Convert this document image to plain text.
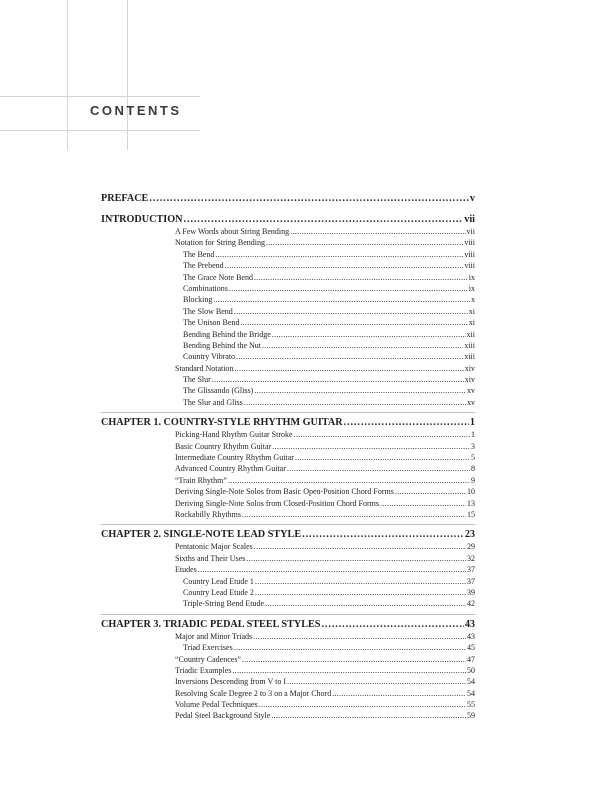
CONTENTS
PREFACE .....	v
INTRODUCTION .....	vii
A Few Words about String Bending .....	vii
Notation for String Bending .....	viii
The Bend .....	viii
The Prebend .....	viii
The Grace Note Bend .....	ix
Combinations .....	ix
Blocking .....	x
The Slow Bend .....	xi
The Unison Bend .....	xi
Bending Behind the Bridge .....	xii
Bending Behind the Nut .....	xiii
Country Vibrato .....	xiii
Standard Notation .....	xiv
The Slur .....	xiv
The Glissando (Gliss) .....	xv
The Slur and Gliss .....	xv
CHAPTER 1. COUNTRY-STYLE RHYTHM GUITAR .....	1
Picking-Hand Rhythm Guitar Stroke .....	1
Basic Country Rhythm Guitar .....	3
Intermediate Country Rhythm Guitar .....	5
Advanced Country Rhythm Guitar .....	8
“Train Rhythm” .....	9
Deriving Single-Note Solos from Basic Open-Position Chord Forms .....	10
Deriving Single-Note Solos from Closed-Position Chord Forms .....	13
Rockabilly Rhythms .....	15
CHAPTER 2. SINGLE-NOTE LEAD STYLE .....	23
Pentatonic Major Scales .....	29
Sixths and Their Uses .....	32
Etudes .....	37
Country Lead Etude 1 .....	37
Country Lead Etude 2 .....	39
Triple-String Bend Etude .....	42
CHAPTER 3. TRIADIC PEDAL STEEL STYLES .....	43
Major and Minor Triads .....	43
Triad Exercises .....	45
“Country Cadences” .....	47
Triadic Examples .....	50
Inversions Descending from V to I .....	54
Resolving Scale Degree 2 to 3 on a Major Chord .....	54
Volume Pedal Techniques .....	55
Pedal Steel Background Style .....	59
